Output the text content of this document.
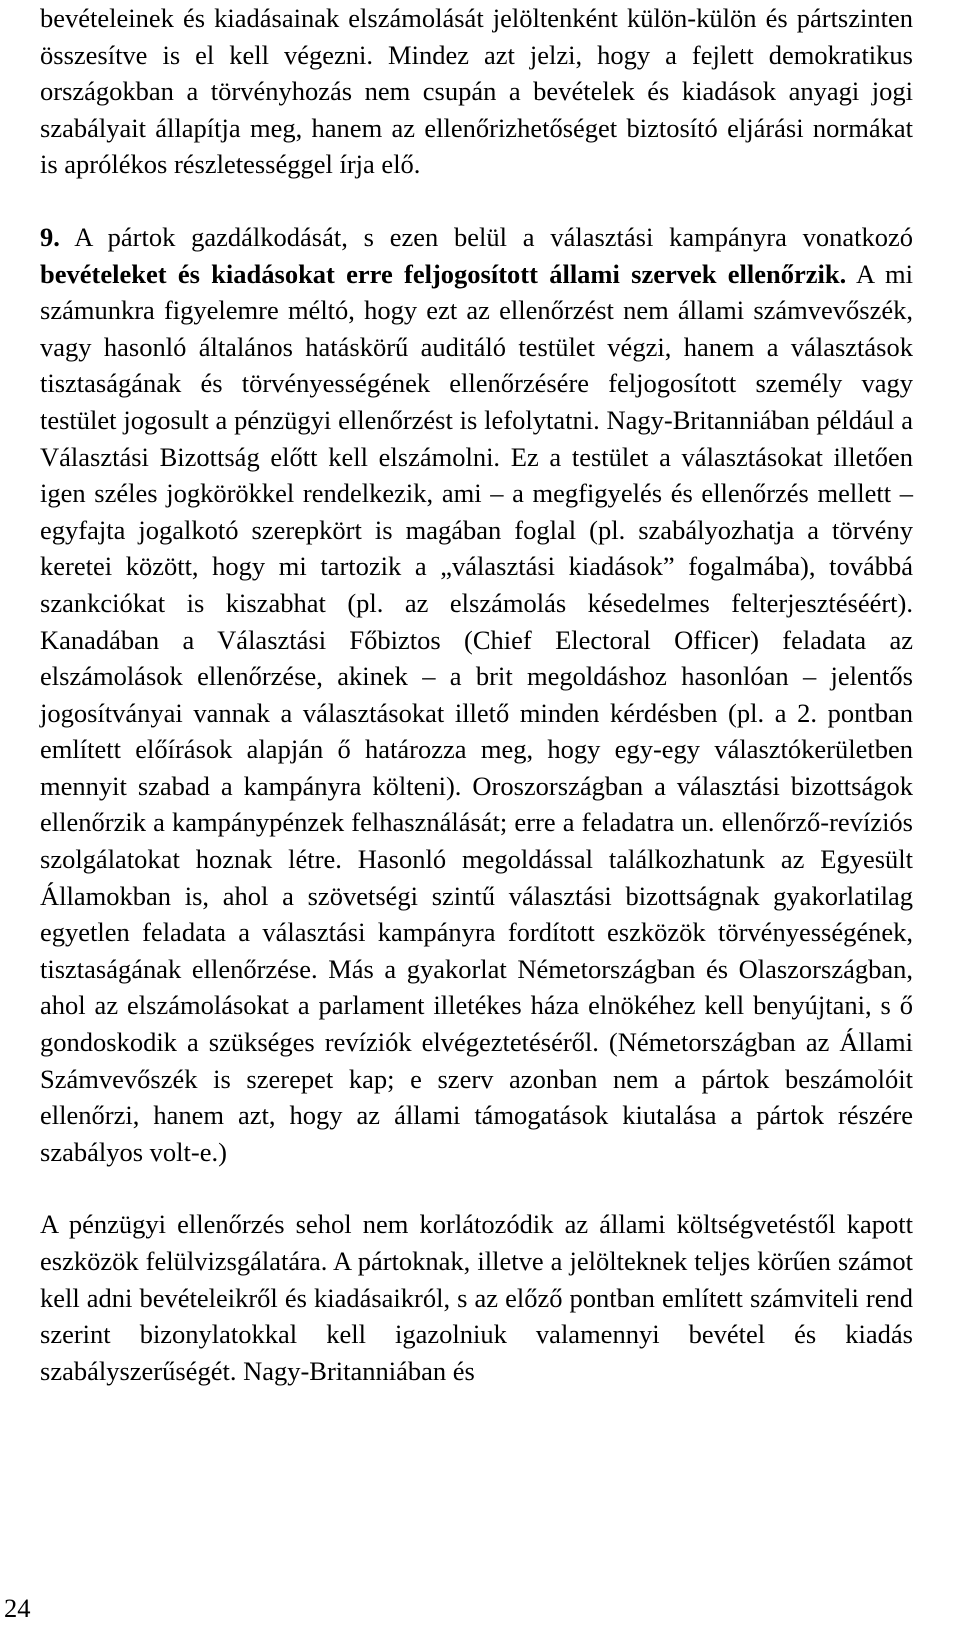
bevételeinek és kiadásainak elszámolását jelöltenként külön-külön és pártszinten összesítve is el kell végezni. Mindez azt jelzi, hogy a fejlett demokratikus országokban a törvényhozás nem csupán a bevételek és kiadások anyagi jogi szabályait állapítja meg, hanem az ellenőrizhetőséget biztosító eljárási normákat is aprólékos részletességgel írja elő.

9. A pártok gazdálkodását, s ezen belül a választási kampányra vonatkozó bevételeket és kiadásokat erre feljogosított állami szervek ellenőrzik. A mi számunkra figyelemre méltó, hogy ezt az ellenőrzést nem állami számvevőszék, vagy hasonló általános hatáskörű auditáló testület végzi, hanem a választások tisztaságának és törvényességének ellenőrzésére feljogosított személy vagy testület jogosult a pénzügyi ellenőrzést is lefolytatni. Nagy-Britanniában például a Választási Bizottság előtt kell elszámolni. Ez a testület a választásokat illetően igen széles jogkörökkel rendelkezik, ami – a megfigyelés és ellenőrzés mellett – egyfajta jogalkotó szerepkört is magában foglal (pl. szabályozhatja a törvény keretei között, hogy mi tartozik a „választási kiadások” fogalmába), továbbá szankciókat is kiszabhat (pl. az elszámolás késedelmes felterjesztéséért). Kanadában a Választási Főbiztos (Chief Electoral Officer) feladata az elszámolások ellenőrzése, akinek – a brit megoldáshoz hasonlóan – jelentős jogosítványai vannak a választásokat illető minden kérdésben (pl. a 2. pontban említett előírások alapján ő határozza meg, hogy egy-egy választókerületben mennyit szabad a kampányra költeni). Oroszországban a választási bizottságok ellenőrzik a kampánypénzek felhasználását; erre a feladatra un. ellenőrző-revíziós szolgálatokat hoznak létre. Hasonló megoldással találkozhatunk az Egyesült Államokban is, ahol a szövetségi szintű választási bizottságnak gyakorlatilag egyetlen feladata a választási kampányra fordított eszközök törvényességének, tisztaságának ellenőrzése. Más a gyakorlat Németországban és Olaszországban, ahol az elszámolásokat a parlament illetékes háza elnökéhez kell benyújtani, s ő gondoskodik a szükséges revíziók elvégeztetéséről. (Németországban az Állami Számvevőszék is szerepet kap; e szerv azonban nem a pártok beszámolóit ellenőrzi, hanem azt, hogy az állami támogatások kiutalása a pártok részére szabályos volt-e.)

A pénzügyi ellenőrzés sehol nem korlátozódik az állami költségvetéstől kapott eszközök felülvizsgálatára. A pártoknak, illetve a jelölteknek teljes körűen számot kell adni bevételeikről és kiadásaikról, s az előző pontban említett számviteli rend szerint bizonylatokkal kell igazolniuk valamennyi bevétel és kiadás szabályszerűségét. Nagy-Britanniában és

24
